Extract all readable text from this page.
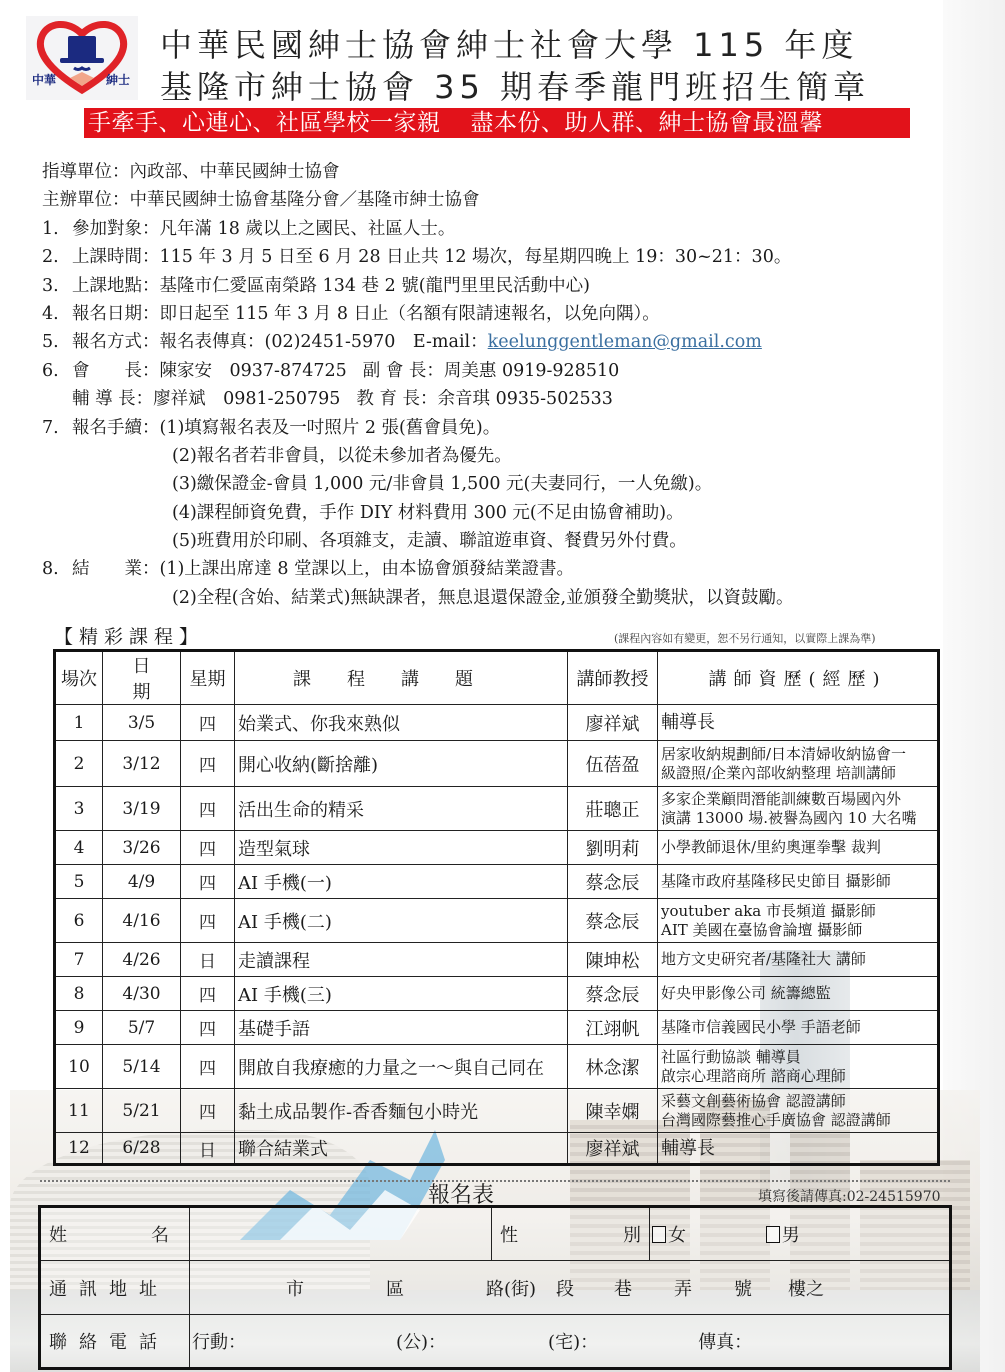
中華	紳士
中華民國紳士協會紳士社會大學 115 年度
基隆市紳士協會 35 期春季龍門班招生簡章
手牽手、心連心、社區學校一家親 盡本份、助人群、紳士協會最溫馨
指導單位：內政部、中華民國紳士協會
主辦單位：中華民國紳士協會基隆分會／基隆市紳士協會
1. 參加對象：凡年滿 18 歲以上之國民、社區人士。
2. 上課時間：115 年 3 月 5 日至 6 月 28 日止共 12 場次，每星期四晚上 19：30~21：30。
3. 上課地點：基隆市仁愛區南榮路 134 巷 2 號(龍門里里民活動中心)
4. 報名日期：即日起至 115 年 3 月 8 日止（名額有限請速報名，以免向隅）。
5. 報名方式：報名表傳真：(02)2451-5970　E-mail：keelunggentleman@gmail.com
6. 會　　長：陳家安　0937-874725 副 會 長：周美惠 0919-928510
輔 導 長：廖祥斌　0981-250795 教 育 長：余音琪 0935-502533
7. 報名手續：(1)填寫報名表及一吋照片 2 張(舊會員免)。
(2)報名者若非會員，以從未參加者為優先。
(3)繳保證金-會員 1,000 元/非會員 1,500 元(夫妻同行，一人免繳)。
(4)課程師資免費，手作 DIY 材料費用 300 元(不足由協會補助)。
(5)班費用於印刷、各項雜支，走讀、聯誼遊車資、餐費另外付費。
8. 結　　業：(1)上課出席達 8 堂課以上，由本協會頒發結業證書。
(2)全程(含始、結業式)無缺課者，無息退還保證金,並頒發全勤獎狀，以資鼓勵。
【精彩課程】	(課程內容如有變更，恕不另行通知，以實際上課為準)
場次	日　　期	星期	課程講題	講師教授	講師資歷(經歷)
1	3/5	四	始業式、你我來熟似	廖祥斌	輔導長

2	3/12	四	開心收納(斷捨離)	伍蓓盈	居家收納規劃師/日本清婦收納協會一
級證照/企業內部收納整理 培訓講師

3	3/19	四	活出生命的精采	莊聰正	多家企業顧問潛能訓練數百場國內外
演講 13000 場.被譽為國內 10 大名嘴

4	3/26	四	造型氣球	劉明莉	小學教師退休/里約奧運拳擊 裁判

5	4/9	四	AI 手機(一)	蔡念辰	基隆市政府基隆移民史節目 攝影師

6	4/16	四	AI 手機(二)	蔡念辰	youtuber aka 市長頻道 攝影師
AIT 美國在臺協會論壇 攝影師

7	4/26	日	走讀課程	陳坤松	地方文史研究者/基隆社大 講師

8	4/30	四	AI 手機(三)	蔡念辰	好央甲影像公司 統籌總監

9	5/7	四	基礎手語	江翊帆	基隆市信義國民小學 手語老師

10	5/14	四	開啟自我療癒的力量之一～與自己同在	林念潔	社區行動協談 輔導員
啟宗心理諮商所 諮商心理師

11	5/21	四	黏土成品製作-香香麵包小時光	陳幸嫻	采藝文創藝術協會 認證講師
台灣國際藝推心手廣協會 認證講師

12	6/28	日	聯合結業式	廖祥斌	輔導長
報名表	填寫後請傳真:02-24515970
姓 名		性 別	女 男
通訊地址	市	區	路(街) 段 巷 弄 號 樓之

聯絡電話	行動： (公)： (宅)： 傳真：		
